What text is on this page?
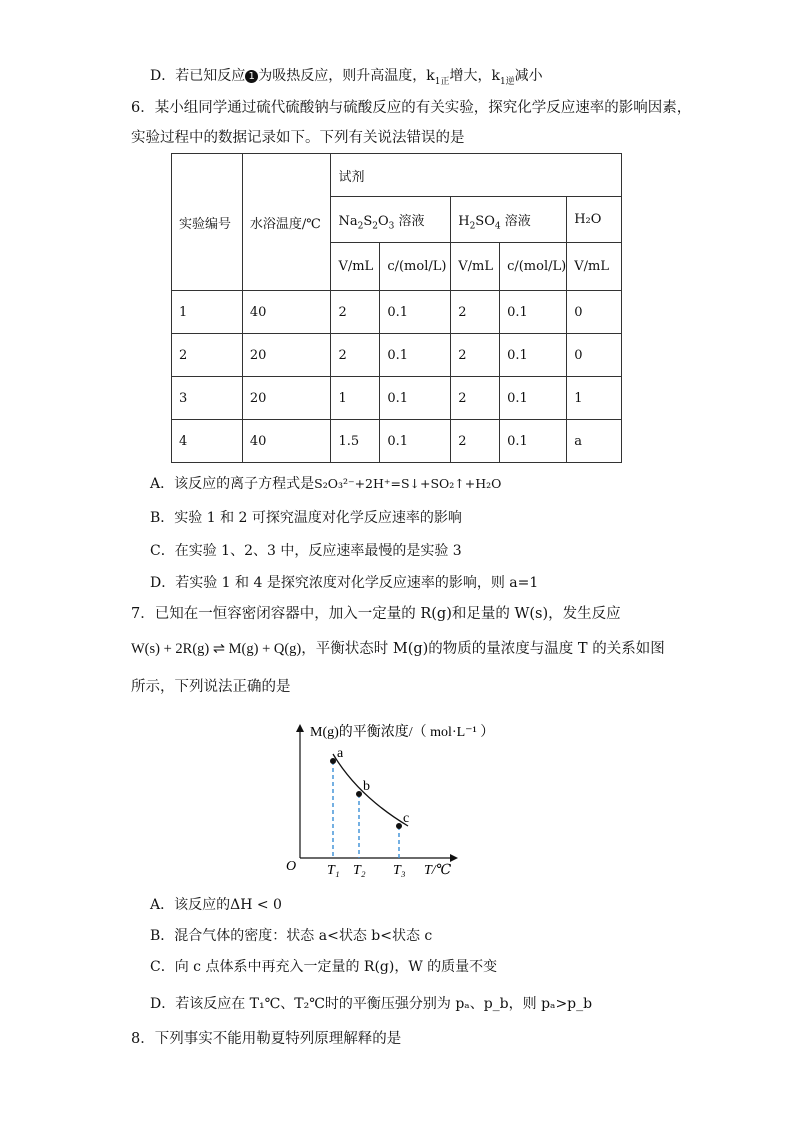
D．若已知反应 1 为吸热反应，则升高温度，$k_{1正}$增大，$k_{1逆}$减小
6．某小组同学通过硫代硫酸钠与硫酸反应的有关实验，探究化学反应速率的影响因素，
实验过程中的数据记录如下。下列有关说法错误的是
实验编号	水浴温度/℃	试剂				
		$Na_2S_2O_3$ 溶液		$H_2SO_4$ 溶液		H₂O
		V/mL	c/(mol/L)	V/mL	c/(mol/L)	V/mL
1	40	2	0.1	2	0.1	0
2	20	2	0.1	2	0.1	0
3	20	1	0.1	2	0.1	1
4	40	1.5	0.1	2	0.1	a
A．该反应的离子方程式是S₂O₃²⁻+2H⁺=S↓+SO₂↑+H₂O
B．实验 1 和 2 可探究温度对化学反应速率的影响
C．在实验 1、2、3 中，反应速率最慢的是实验 3
D．若实验 1 和 4 是探究浓度对化学反应速率的影响，则 a=1
7．已知在一恒容密闭容器中，加入一定量的 R(g)和足量的 W(s)，发生反应
W(s) + 2R(g) ⇌ M(g) + Q(g)，平衡状态时 M(g)的物质的量浓度与温度 T 的关系如图
所示，下列说法正确的是
M(g)的平衡浓度/（ mol·L⁻¹ ）
O	T/℃
a
b
c
T₁ T₂ T₃
A．该反应的ΔH < 0
B．混合气体的密度：状态 a<状态 b<状态 c
C．向 c 点体系中再充入一定量的 R(g)，W 的质量不变
D．若该反应在 T₁℃、T₂℃时的平衡压强分别为 pₐ、p_b，则 pₐ>p_b
8．下列事实不能用勒夏特列原理解释的是
